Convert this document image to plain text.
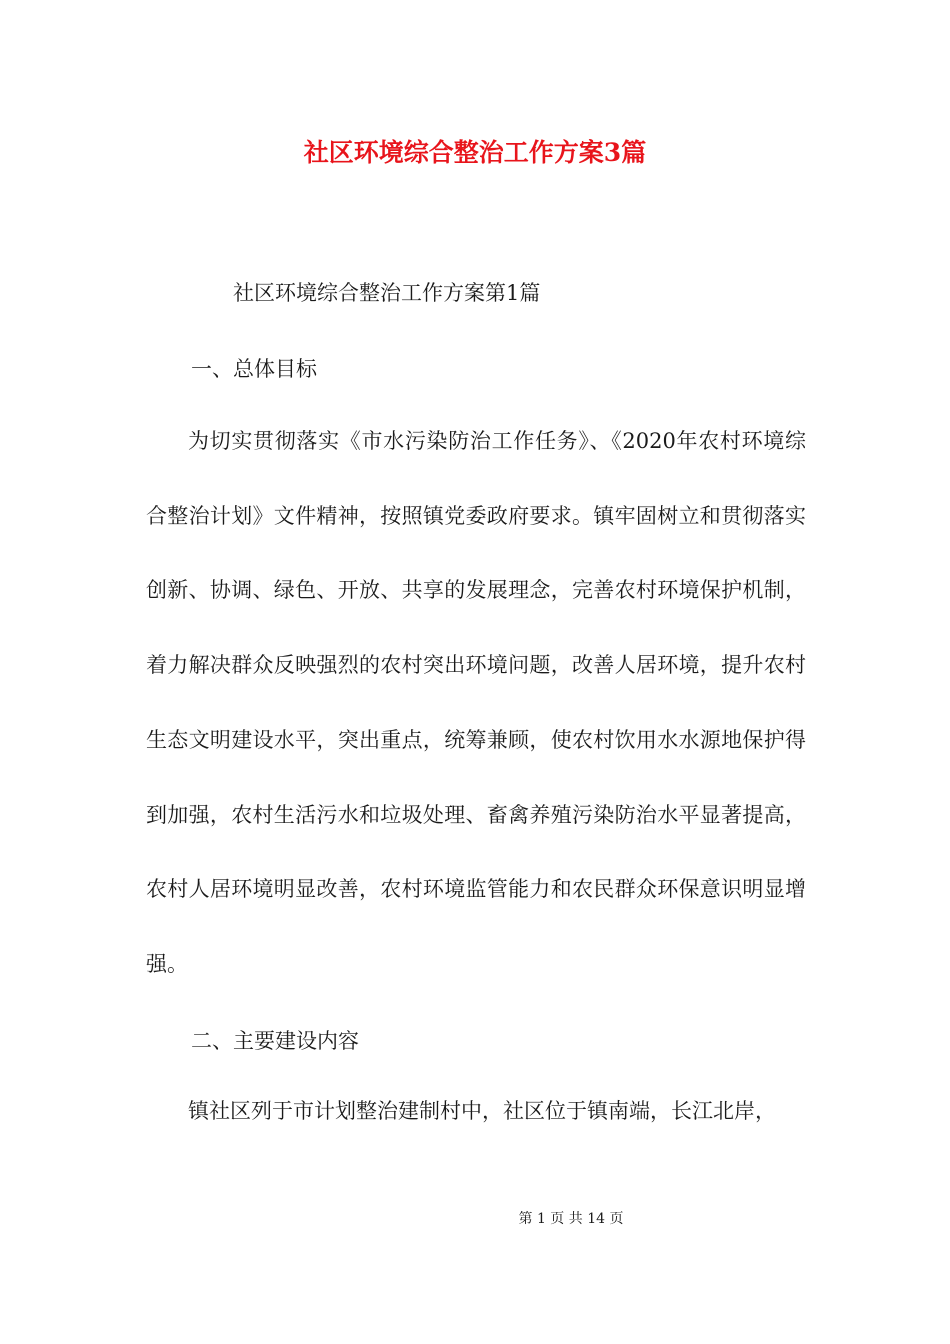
社区环境综合整治工作方案3篇
社区环境综合整治工作方案第1篇
一、总体目标
为切实贯彻落实《市水污染防治工作任务》、《2020年农村环境综合整治计划》文件精神，按照镇党委政府要求。镇牢固树立和贯彻落实创新、协调、绿色、开放、共享的发展理念，完善农村环境保护机制，着力解决群众反映强烈的农村突出环境问题，改善人居环境，提升农村生态文明建设水平，突出重点，统筹兼顾，使农村饮用水水源地保护得到加强，农村生活污水和垃圾处理、畜禽养殖污染防治水平显著提高，农村人居环境明显改善，农村环境监管能力和农民群众环保意识明显增强。
二、主要建设内容
镇社区列于市计划整治建制村中，社区位于镇南端，长江北岸，
第 1 页 共 14 页
